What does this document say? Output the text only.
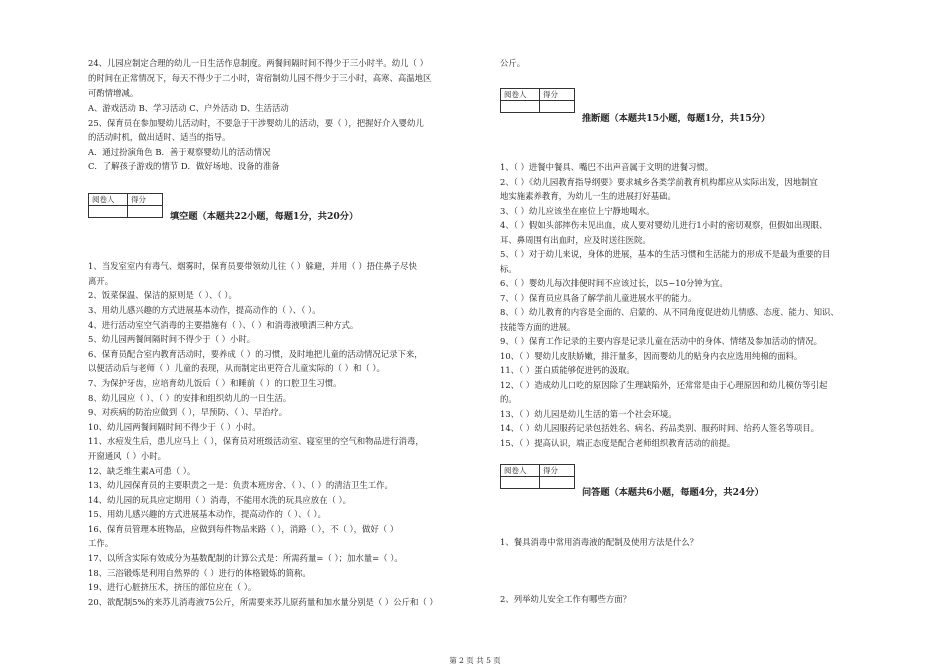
24、儿园应制定合理的幼儿一日生活作息制度。两餐间隔时间不得少于三小时半。幼儿（ ）
的时间在正常情况下，每天不得少于二小时，寄宿制幼儿园不得少于三小时，高寒、高温地区
可酌情增减。
A、游戏活动 B、学习活动 C、户外活动 D、生活活动
25、保育员在参加婴幼儿活动时，不要急于干涉婴幼儿的活动，要（ ），把握好介入婴幼儿
的活动时机，做出适时、适当的指导。
A．通过扮演角色 B．善于观察婴幼儿的活动情况
C．了解孩子游戏的情节 D．做好场地、设备的准备
阅卷人	得分

填空题（本题共22小题，每题1分，共20分）
1、当发室室内有毒气、烟雾时，保育员要带领幼儿往（ ）躲避，并用（ ）捂住鼻子尽快
离开。
2、饭菜保温、保洁的原则是（ ）、（ ）。
3、用幼儿感兴趣的方式进展基本动作，提高动作的（ ）、（ ）。
4、进行活动室空气消毒的主要措施有（ ）、（ ）和消毒液喷洒三种方式。
5、幼儿园两餐间隔时间不得少于（ ）小时。
6、保育员配合室内教育活动时，要养成（ ）的习惯，及时地把儿童的活动情况记录下来，
以便活动后与老师（ ）儿童的表现，从而制定出更符合儿童实际的（ ）和（ ）。
7、为保护牙齿，应培育幼儿饭后（ ）和睡前（ ）的口腔卫生习惯。
8、幼儿园应（ ）、（ ）的安排和组织幼儿的一日生活。
9、对疾病的防治应做到（ ），早预防、（ ）、早治疗。
10、幼儿园两餐间隔时间不得少于（ ）小时。
11、水痘发生后，患儿应马上（ ），保育员对班级活动室、寝室里的空气和物品进行消毒，
开窗通风（ ）小时。
12、缺乏维生素A可患（ ）。
13、幼儿园保育员的主要职责之一是：负责本班房舍、（ ）、（ ）的清洁卫生工作。
14、幼儿园的玩具应定期用（ ）消毒，不能用水洗的玩具应放在（ ）。
15、用幼儿感兴趣的方式进展基本动作，提高动作的（ ）、（ ）。
16、保育员管理本班物品，应做到每件物品来路（ ），消路（ ），不（ ），做好（ ）
工作。
17、以所含实际有效成分为基数配制的计算公式是：所需药量=（ ）；加水量=（ ）。
18、三浴锻炼是利用自然界的（ ）进行的体格锻炼的简称。
19、进行心脏挤压术，挤压的部位应在（ ）。
20、欲配制5%的来苏儿消毒液75公斤，所需要来苏儿原药量和加水量分别是（ ）公斤和（ ）
公斤。
阅卷人	得分

推断题（本题共15小题，每题1分，共15分）
1、（ ）进餐中餐具、嘴巴不出声音属于文明的进餐习惯。
2、（ ）《幼儿园教育指导纲要》要求城乡各类学前教育机构都应从实际出发，因地制宜
地实施素养教育，为幼儿一生的进展打好基础。
3、（ ）幼儿应该坐在座位上宁静地喝水。
4、（ ）假如头部摔伤未见出血，成人要对婴幼儿进行1小时的密切观察，但假如出现眼、
耳、鼻周围有出血时，应及时送往医院。
5、（ ）对于幼儿来说，身体的进展，基本的生活习惯和生活能力的形成不是最为重要的目
标。
6、（ ）婴幼儿每次排便时间不应该过长，以5~10分钟为宜。
7、（ ）保育员应具备了解学前儿童进展水平的能力。
8、（ ）幼儿教育的内容是全面的、启蒙的、从不同角度促进幼儿情感、态度、能力、知识、
技能等方面的进展。
9、（ ）保育工作记录的主要内容是记录儿童在活动中的身体、情绪及参加活动的情况。
10、（ ）婴幼儿皮肤娇嫩，排汗量多，因而婴幼儿的贴身内衣应选用纯棉的面料。
11、（ ）蛋白质能够促进钙的汲取。
12、（ ）造成幼儿口吃的原因除了生理缺陷外，还常常是由于心理原因和幼儿模仿等引起
的。
13、（ ）幼儿园是幼儿生活的第一个社会环境。
14、（ ）幼儿园服药记录包括姓名、病名、药品类别、服药时间、给药人签名等项目。
15、（ ）提高认识，端正态度是配合老师组织教育活动的前提。
阅卷人	得分

问答题（本题共6小题，每题4分，共24分）
1、餐具消毒中常用消毒液的配制及使用方法是什么？
2、列举幼儿安全工作有哪些方面？
第 2 页 共 5 页
